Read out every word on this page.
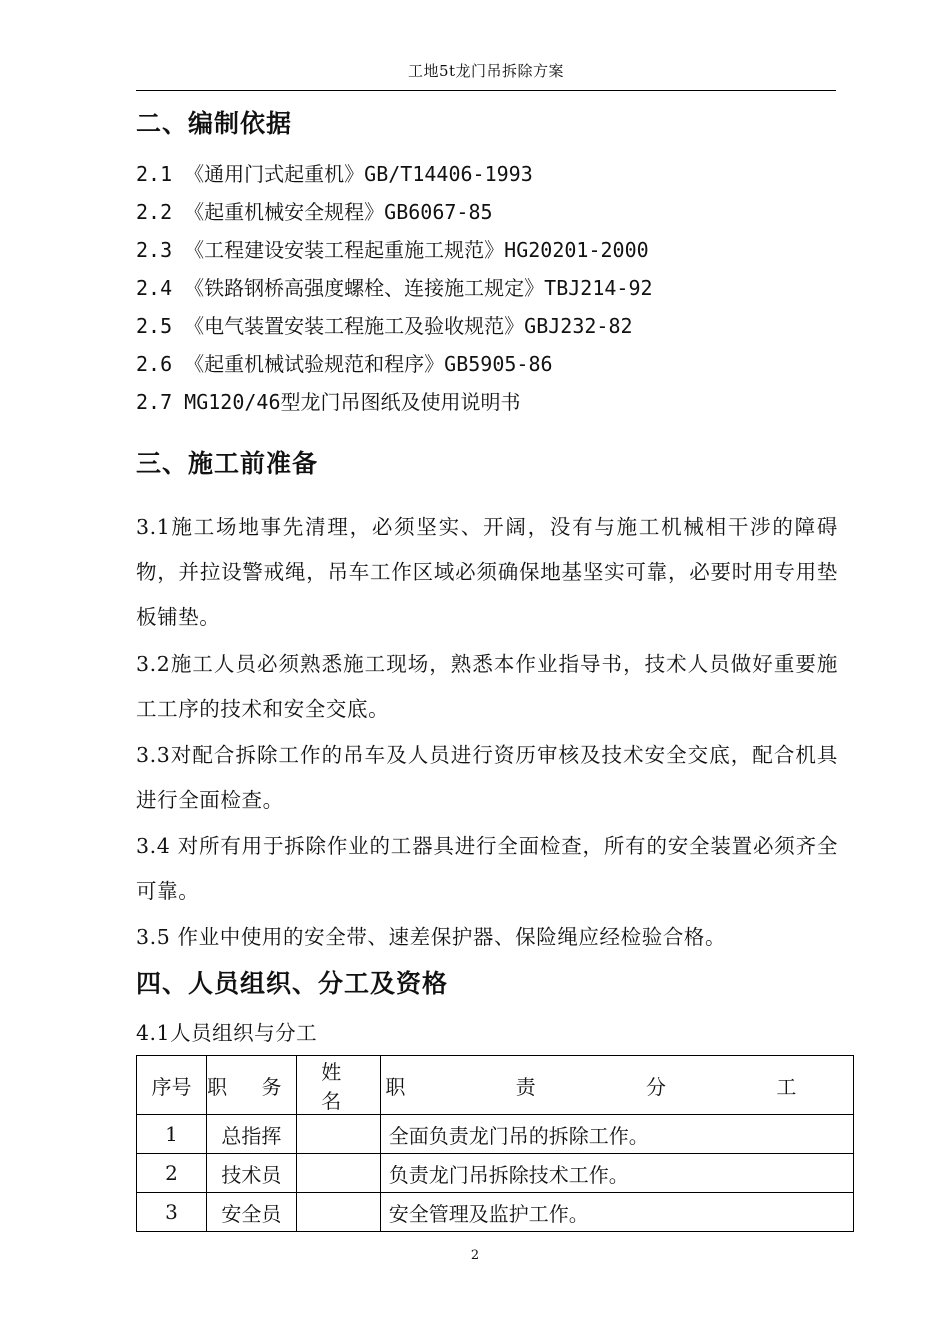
工地5t龙门吊拆除方案
二、编制依据

2.1 《通用门式起重机》GB/T14406-1993

2.2 《起重机械安全规程》GB6067-85

2.3 《工程建设安装工程起重施工规范》HG20201-2000

2.4 《铁路钢桥高强度螺栓、连接施工规定》TBJ214-92

2.5 《电气装置安装工程施工及验收规范》GBJ232-82

2.6 《起重机械试验规范和程序》GB5905-86

2.7 MG120/46型龙门吊图纸及使用说明书

三、施工前准备

3.1施工场地事先清理，必须坚实、开阔，没有与施工机械相干涉的障碍物，并拉设警戒绳，吊车工作区域必须确保地基坚实可靠，必要时用专用垫板铺垫。

3.2施工人员必须熟悉施工现场，熟悉本作业指导书，技术人员做好重要施工工序的技术和安全交底。

3.3对配合拆除工作的吊车及人员进行资历审核及技术安全交底，配合机具进行全面检查。

3.4 对所有用于拆除作业的工器具进行全面检查，所有的安全装置必须齐全可靠。

3.5 作业中使用的安全带、速差保护器、保险绳应经检验合格。

四、人员组织、分工及资格

4.1人员组织与分工

序号	职 务	姓 名	职 责 分 工
1	总指挥		全面负责龙门吊的拆除工作。
2	技术员		负责龙门吊拆除技术工作。
3	安全员		安全管理及监护工作。
2
